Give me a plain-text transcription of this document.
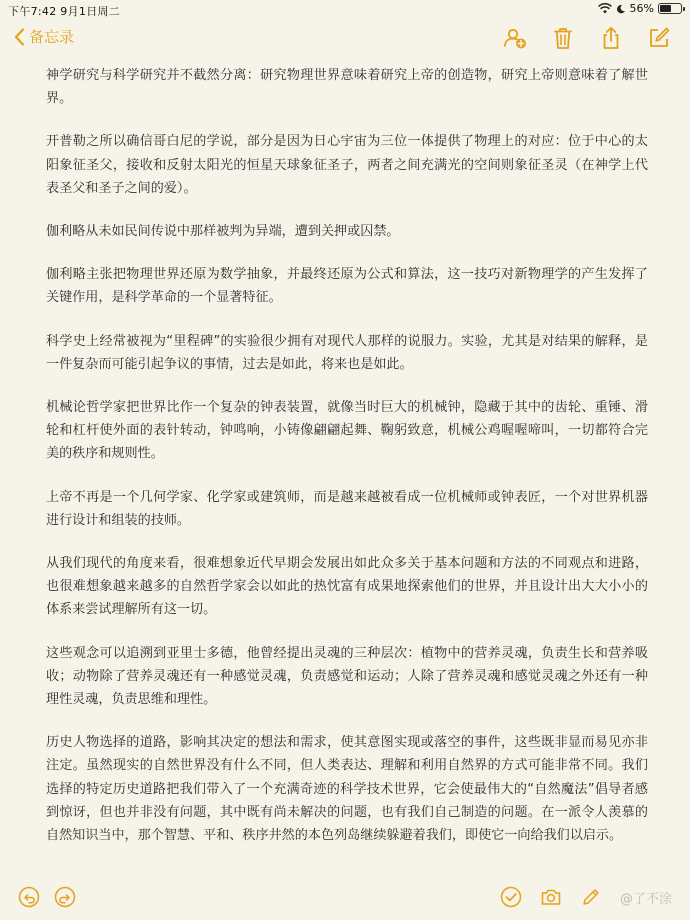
下午7:42 9月1日周二	56%
备忘录

神学研究与科学研究并不截然分离：研究物理世界意味着研究上帝的创造物，研究上帝则意味着了解世界。

开普勒之所以确信哥白尼的学说，部分是因为日心宇宙为三位一体提供了物理上的对应：位于中心的太阳象征圣父，接收和反射太阳光的恒星天球象征圣子，两者之间充满光的空间则象征圣灵（在神学上代表圣父和圣子之间的爱）。

伽利略从未如民间传说中那样被判为异端，遭到关押或囚禁。

伽利略主张把物理世界还原为数学抽象，并最终还原为公式和算法，这一技巧对新物理学的产生发挥了关键作用，是科学革命的一个显著特征。

科学史上经常被视为“里程碑”的实验很少拥有对现代人那样的说服力。实验，尤其是对结果的解释，是一件复杂而可能引起争议的事情，过去是如此，将来也是如此。

机械论哲学家把世界比作一个复杂的钟表装置，就像当时巨大的机械钟，隐藏于其中的齿轮、重锤、滑轮和杠杆使外面的表针转动，钟鸣响，小铸像翩翩起舞、鞠躬致意，机械公鸡喔喔啼叫，一切都符合完美的秩序和规则性。

上帝不再是一个几何学家、化学家或建筑师，而是越来越被看成一位机械师或钟表匠，一个对世界机器进行设计和组装的技师。

从我们现代的角度来看，很难想象近代早期会发展出如此众多关于基本问题和方法的不同观点和进路，也很难想象越来越多的自然哲学家会以如此的热忱富有成果地探索他们的世界，并且设计出大大小小的体系来尝试理解所有这一切。

这些观念可以追溯到亚里士多德，他曾经提出灵魂的三种层次：植物中的营养灵魂，负责生长和营养吸收；动物除了营养灵魂还有一种感觉灵魂，负责感觉和运动；人除了营养灵魂和感觉灵魂之外还有一种理性灵魂，负责思维和理性。

历史人物选择的道路，影响其决定的想法和需求，使其意图实现或落空的事件，这些既非显而易见亦非注定。虽然现实的自然世界没有什么不同，但人类表达、理解和利用自然界的方式可能非常不同。我们选择的特定历史道路把我们带入了一个充满奇迹的科学技术世界，它会使最伟大的“自然魔法”倡导者感到惊讶，但也并非没有问题，其中既有尚未解决的问题，也有我们自己制造的问题。在一派令人羡慕的自然知识当中，那个智慧、平和、秩序井然的本色列岛继续躲避着我们，即使它一向给我们以启示。

@了不涂
